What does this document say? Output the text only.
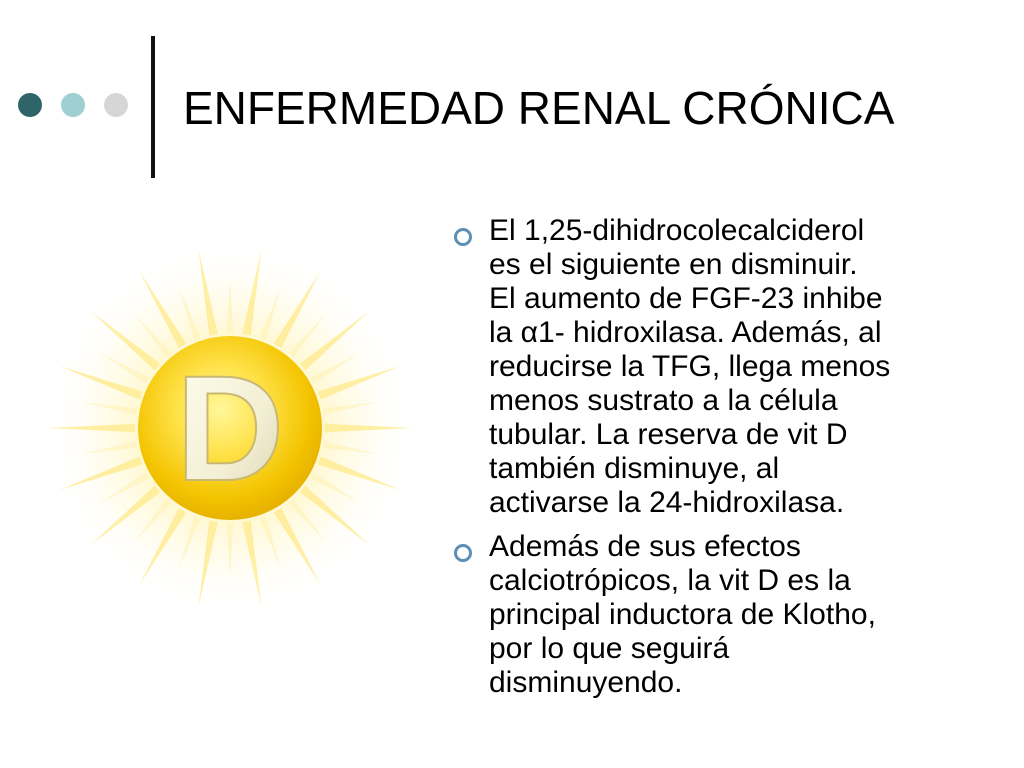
ENFERMEDAD RENAL CRÓNICA
D
El 1,25-dihidrocolecalciderol
es el siguiente en disminuir.
El aumento de FGF-23 inhibe
la α1- hidroxilasa. Además, al
reducirse la TFG, llega menos
menos sustrato a la célula
tubular. La reserva de vit D
también disminuye, al
activarse la 24-hidroxilasa.
Además de sus efectos
calciotrópicos, la vit D es la
principal inductora de Klotho,
por lo que seguirá
disminuyendo.
